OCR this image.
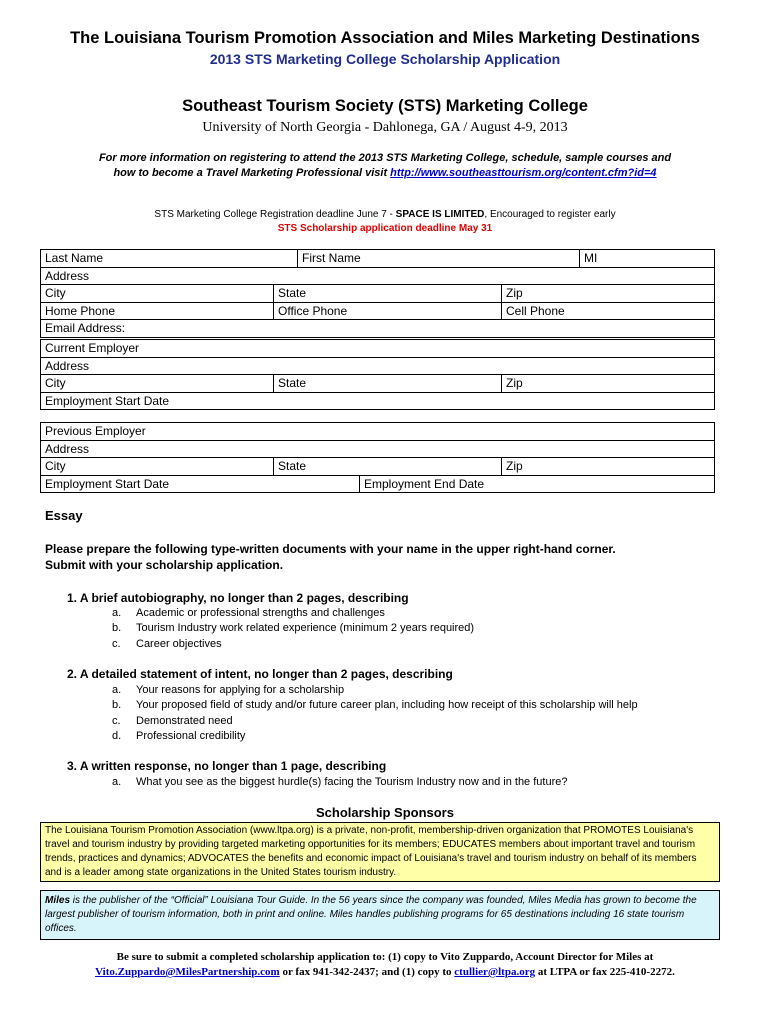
The Louisiana Tourism Promotion Association and Miles Marketing Destinations
2013 STS Marketing College Scholarship Application
Southeast Tourism Society (STS) Marketing College
University of North Georgia - Dahlonega, GA / August 4-9, 2013
For more information on registering to attend the 2013 STS Marketing College, schedule, sample courses and
how to become a Travel Marketing Professional visit http://www.southeasttourism.org/content.cfm?id=4
STS Marketing College Registration deadline June 7 - SPACE IS LIMITED, Encouraged to register early
STS Scholarship application deadline May 31
Last Name	First Name	MI
Address
City	State	Zip
Home Phone	Office Phone	Cell Phone
Email Address:
Current Employer
Address
City	State	Zip
Employment Start Date
Previous Employer
Address
City	State	Zip
Employment Start Date	Employment End Date
Essay
Please prepare the following type-written documents with your name in the upper right-hand corner.
Submit with your scholarship application.
1. A brief autobiography, no longer than 2 pages, describing
a. Academic or professional strengths and challenges
b. Tourism Industry work related experience (minimum 2 years required)
c. Career objectives
2. A detailed statement of intent, no longer than 2 pages, describing
a. Your reasons for applying for a scholarship
b. Your proposed field of study and/or future career plan, including how receipt of this scholarship will help
c. Demonstrated need
d. Professional credibility
3. A written response, no longer than 1 page, describing
a. What you see as the biggest hurdle(s) facing the Tourism Industry now and in the future?
Scholarship Sponsors
The Louisiana Tourism Promotion Association (www.ltpa.org) is a private, non-profit, membership-driven organization that PROMOTES Louisiana's travel and tourism industry by providing targeted marketing opportunities for its members; EDUCATES members about important travel and tourism trends, practices and dynamics; ADVOCATES the benefits and economic impact of Louisiana's travel and tourism industry on behalf of its members and is a leader among state organizations in the United States tourism industry.
Miles is the publisher of the “Official” Louisiana Tour Guide. In the 56 years since the company was founded, Miles Media has grown to become the largest publisher of tourism information, both in print and online. Miles handles publishing programs for 65 destinations including 16 state tourism offices.
Be sure to submit a completed scholarship application to: (1) copy to Vito Zuppardo, Account Director for Miles at
Vito.Zuppardo@MilesPartnership.com or fax 941-342-2437; and (1) copy to ctullier@ltpa.org at LTPA or fax 225-410-2272.
